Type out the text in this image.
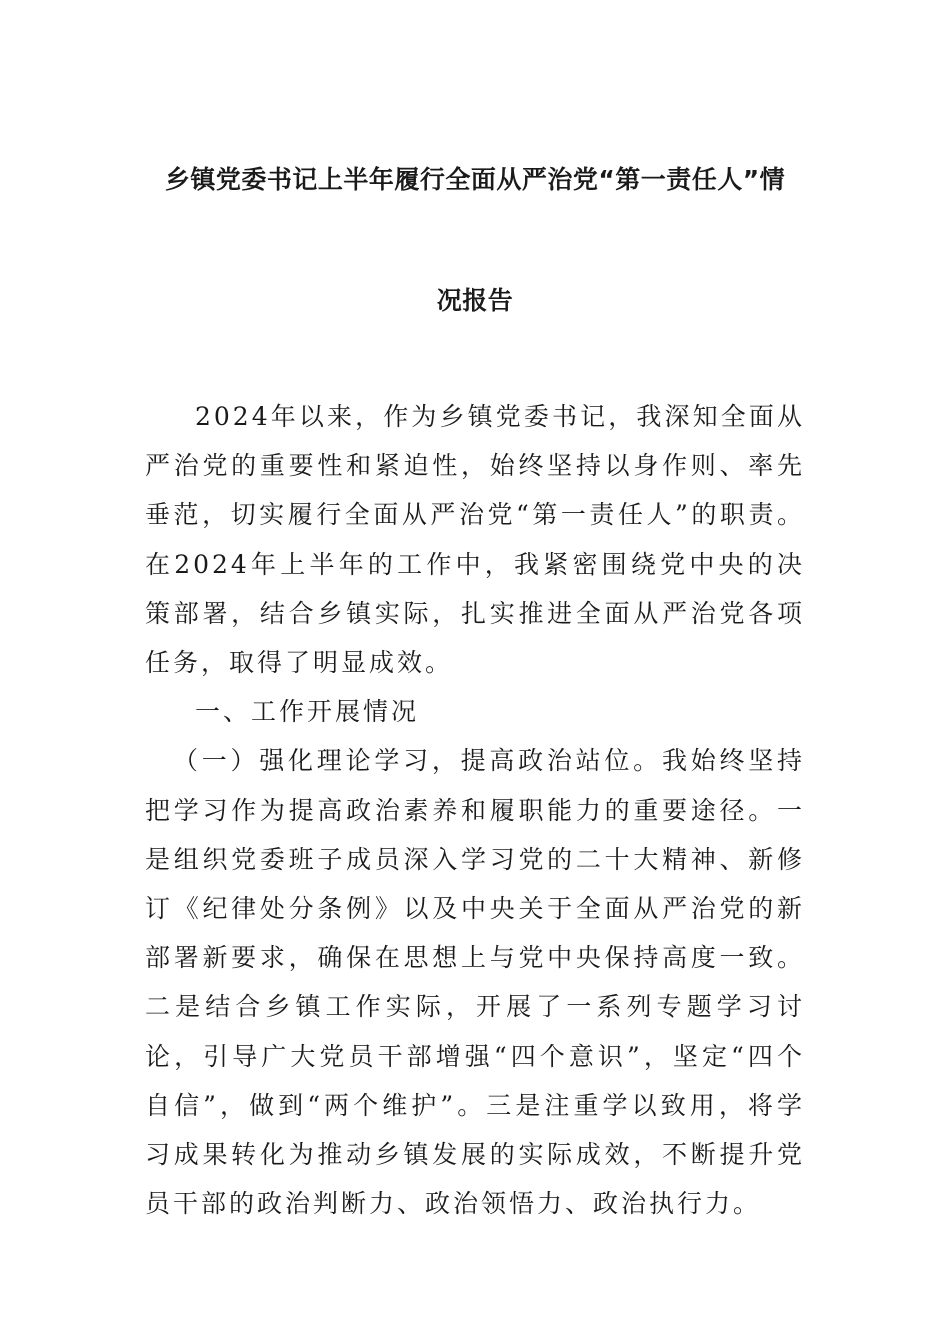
乡镇党委书记上半年履行全面从严治党“第一责任人”情
况报告

2024年以来，作为乡镇党委书记，我深知全面从严治党的重要性和紧迫性，始终坚持以身作则、率先垂范，切实履行全面从严治党“第一责任人”的职责。在2024年上半年的工作中，我紧密围绕党中央的决策部署，结合乡镇实际，扎实推进全面从严治党各项任务，取得了明显成效。

一、工作开展情况

（一）强化理论学习，提高政治站位。我始终坚持把学习作为提高政治素养和履职能力的重要途径。一是组织党委班子成员深入学习党的二十大精神、新修订《纪律处分条例》以及中央关于全面从严治党的新部署新要求，确保在思想上与党中央保持高度一致。二是结合乡镇工作实际，开展了一系列专题学习讨论，引导广大党员干部增强“四个意识”，坚定“四个自信”，做到“两个维护”。三是注重学以致用，将学习成果转化为推动乡镇发展的实际成效，不断提升党员干部的政治判断力、政治领悟力、政治执行力。
